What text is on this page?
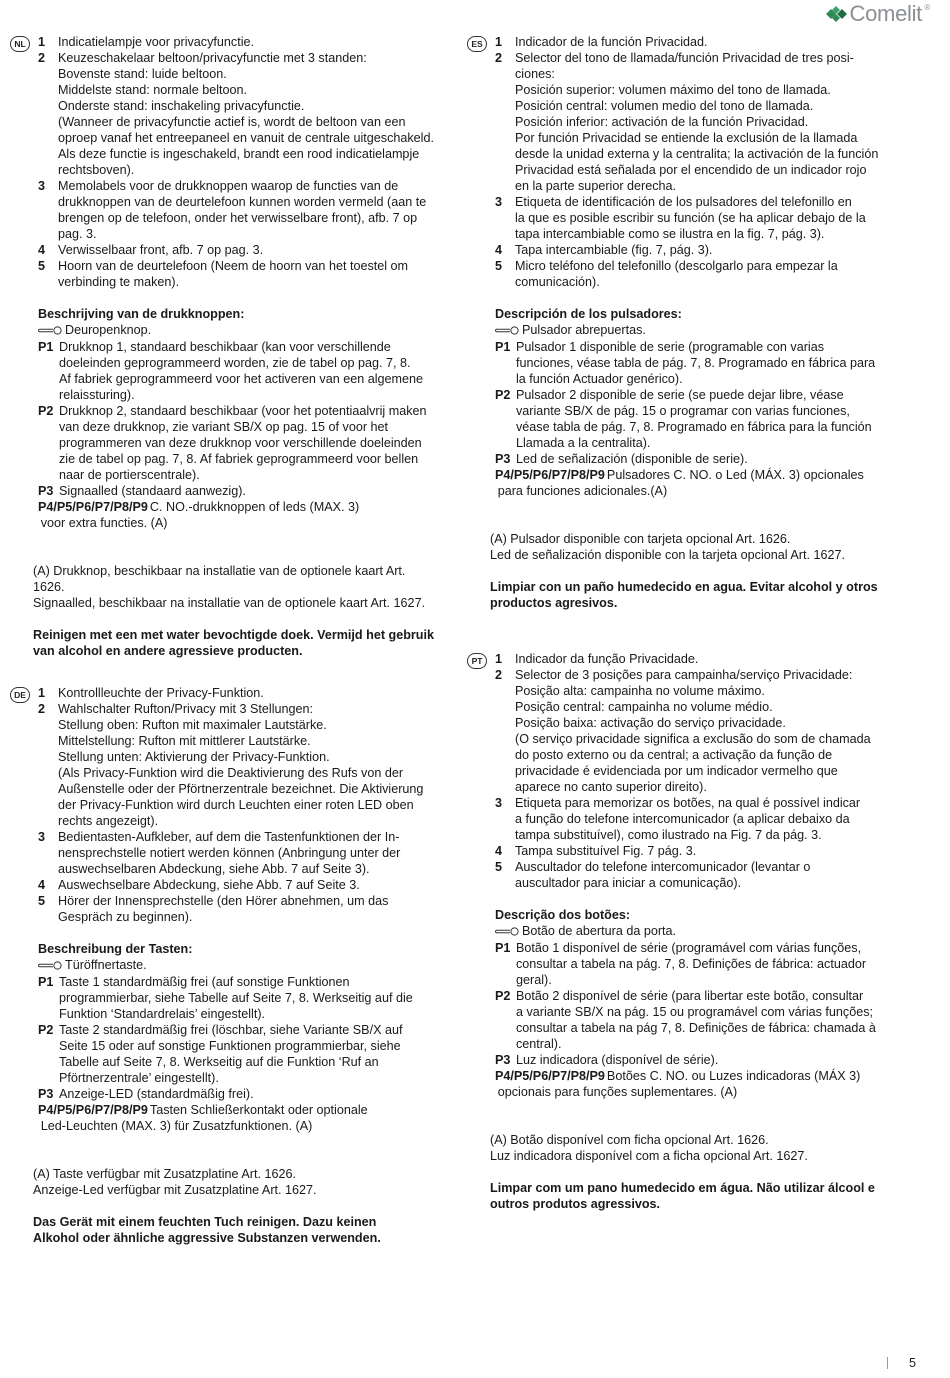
Comelit ®
NL 1	Indicatielampje voor privacyfunctie.
2	Keuzeschakelaar beltoon/privacyfunctie met 3 standen:
Bovenste stand: luide beltoon.
Middelste stand: normale beltoon.
Onderste stand: inschakeling privacyfunctie.
(Wanneer de privacyfunctie actief is, wordt de beltoon van een
oproep vanaf het entreepaneel en vanuit de centrale uitgeschakeld.
Als deze functie is ingeschakeld, brandt een rood indicatielampje
rechtsboven).
3	Memolabels voor de drukknoppen waarop de functies van de
drukknoppen van de deurtelefoon kunnen worden vermeld (aan te
brengen op de telefoon, onder het verwisselbare front), afb. 7 op
pag. 3.
4	Verwisselbaar front, afb. 7 op pag. 3.
5	Hoorn van de deurtelefoon (Neem de hoorn van het toestel om
verbinding te maken).
Beschrijving van de drukknoppen:
Deuropenknop.
P1 Drukknop 1, standaard beschikbaar (kan voor verschillende
doeleinden geprogrammeerd worden, zie de tabel op pag. 7, 8.
Af fabriek geprogrammeerd voor het activeren van een algemene
relaissturing).
P2 Drukknop 2, standaard beschikbaar (voor het potentiaalvrij maken
van deze drukknop, zie variant SB/X op pag. 15 of voor het
programmeren van deze drukknop voor verschillende doeleinden
zie de tabel op pag. 7, 8. Af fabriek geprogrammeerd voor bellen
naar de portierscentrale).
P3 Signaalled (standaard aanwezig).
P4/P5/P6/P7/P8/P9 C. NO.-drukknoppen of leds (MAX. 3)
voor extra functies. (A)
(A) Drukknop, beschikbaar na installatie van de optionele kaart Art.
1626.
Signaalled, beschikbaar na installatie van de optionele kaart Art. 1627.
Reinigen met een met water bevochtigde doek. Vermijd het gebruik
van alcohol en andere agressieve producten.
DE 1	Kontrollleuchte der Privacy-Funktion.
2	Wahlschalter Rufton/Privacy mit 3 Stellungen:
Stellung oben: Rufton mit maximaler Lautstärke.
Mittelstellung: Rufton mit mittlerer Lautstärke.
Stellung unten: Aktivierung der Privacy-Funktion.
(Als Privacy-Funktion wird die Deaktivierung des Rufs von der
Außenstelle oder der Pförtnerzentrale bezeichnet. Die Aktivierung
der Privacy-Funktion wird durch Leuchten einer roten LED oben
rechts angezeigt).
3	Bedientasten-Aufkleber, auf dem die Tastenfunktionen der In-
nensprechstelle notiert werden können (Anbringung unter der
auswechselbaren Abdeckung, siehe Abb. 7 auf Seite 3).
4	Auswechselbare Abdeckung, siehe Abb. 7 auf Seite 3.
5	Hörer der Innensprechstelle (den Hörer abnehmen, um das
Gespräch zu beginnen).
Beschreibung der Tasten:
Türöffnertaste.
P1 Taste 1 standardmäßig frei (auf sonstige Funktionen
programmierbar, siehe Tabelle auf Seite 7, 8. Werkseitig auf die
Funktion ‘Standardrelais’ eingestellt).
P2 Taste 2 standardmäßig frei (löschbar, siehe Variante SB/X auf
Seite 15 oder auf sonstige Funktionen programmierbar, siehe
Tabelle auf Seite 7, 8. Werkseitig auf die Funktion ‘Ruf an
Pförtnerzentrale’ eingestellt).
P3 Anzeige-LED (standardmäßig frei).
P4/P5/P6/P7/P8/P9 Tasten Schließerkontakt oder optionale
Led-Leuchten (MAX. 3) für Zusatzfunktionen. (A)
(A) Taste verfügbar mit Zusatzplatine Art. 1626.
Anzeige-Led verfügbar mit Zusatzplatine Art. 1627.
Das Gerät mit einem feuchten Tuch reinigen. Dazu keinen
Alkohol oder ähnliche aggressive Substanzen verwenden.
ES 1	Indicador de la función Privacidad.
2	Selector del tono de llamada/función Privacidad de tres posi-
ciones:
Posición superior: volumen máximo del tono de llamada.
Posición central: volumen medio del tono de llamada.
Posición inferior: activación de la función Privacidad.
Por función Privacidad se entiende la exclusión de la llamada
desde la unidad externa y la centralita; la activación de la función
Privacidad está señalada por el encendido de un indicador rojo
en la parte superior derecha.
3	Etiqueta de identificación de los pulsadores del telefonillo en
la que es posible escribir su función (se ha aplicar debajo de la
tapa intercambiable como se ilustra en la fig. 7, pág. 3).
4	Tapa intercambiable (fig. 7, pág. 3).
5	Micro teléfono del telefonillo (descolgarlo para empezar la
comunicación).
Descripción de los pulsadores:
Pulsador abrepuertas.
P1 Pulsador 1 disponible de serie (programable con varias
funciones, véase tabla de pág. 7, 8. Programado en fábrica para
la función Actuador genérico).
P2 Pulsador 2 disponible de serie (se puede dejar libre, véase
variante SB/X de pág. 15 o programar con varias funciones,
véase tabla de pág. 7, 8. Programado en fábrica para la función
Llamada a la centralita).
P3 Led de señalización (disponible de serie).
P4/P5/P6/P7/P8/P9 Pulsadores C. NO. o Led (MÁX. 3) opcionales
para funciones adicionales.(A)
(A) Pulsador disponible con tarjeta opcional Art. 1626.
Led de señalización disponible con la tarjeta opcional Art. 1627.
Limpiar con un paño humedecido en agua. Evitar alcohol y otros
productos agresivos.
PT 1	Indicador da função Privacidade.
2	Selector de 3 posições para campainha/serviço Privacidade:
Posição alta: campainha no volume máximo.
Posição central: campainha no volume médio.
Posição baixa: activação do serviço privacidade.
(O serviço privacidade significa a exclusão do som de chamada
do posto externo ou da central; a activação da função de
privacidade é evidenciada por um indicador vermelho que
aparece no canto superior direito).
3	Etiqueta para memorizar os botões, na qual é possível indicar
a função do telefone intercomunicador (a aplicar debaixo da
tampa substituível), como ilustrado na Fig. 7 da pág. 3.
4	Tampa substituível Fig. 7 pág. 3.
5	Auscultador do telefone intercomunicador (levantar o
auscultador para iniciar a comunicação).
Descrição dos botões:
Botão de abertura da porta.
P1 Botão 1 disponível de série (programável com várias funções,
consultar a tabela na pág. 7, 8. Definições de fábrica: actuador
geral).
P2 Botão 2 disponível de série (para libertar este botão, consultar
a variante SB/X na pág. 15 ou programável com várias funções;
consultar a tabela na pág 7, 8. Definições de fábrica: chamada à
central).
P3 Luz indicadora (disponível de série).
P4/P5/P6/P7/P8/P9 Botões C. NO. ou Luzes indicadoras (MÁX 3)
opcionais para funções suplementares. (A)
(A) Botão disponível com ficha opcional Art. 1626.
Luz indicadora disponível com a ficha opcional Art. 1627.
Limpar com um pano humedecido em água. Não utilizar álcool e
outros produtos agressivos.
5
